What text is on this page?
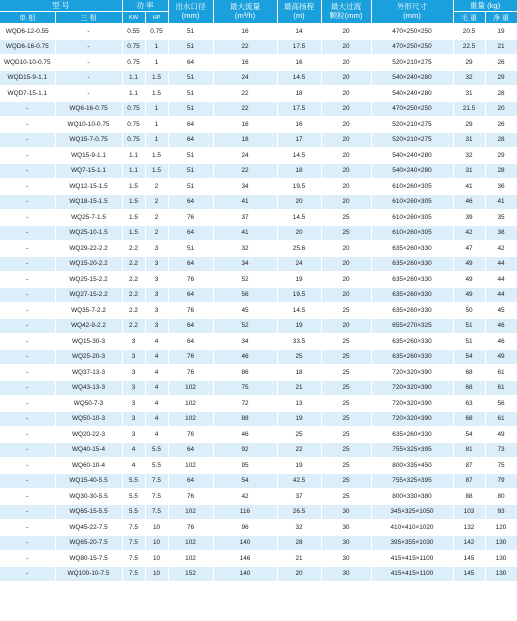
型 号		功 率		出水口径
(mm)	最大流量
(m³/h)	最高扬程
(m)	最大过流
颗粒(mm)	外形尺寸
(mm)	重量 (kg)	
单 相	三 相	KW	HP						毛 重	净 重
WQD6-12-0.55	-	0.55	0.75	51	16	14	20	470×250×250	20.5	19
WQD6-16-0.75	-	0.75	1	51	22	17.5	20	470×250×250	22.5	21
WQD10-10-0.75	-	0.75	1	64	16	16	20	520×210×275	29	26
WQD15-9-1.1	-	1.1	1.5	51	24	14.5	20	540×240×280	32	29
WQD7-15-1.1	-	1.1	1.5	51	22	18	20	540×240×280	31	28
-	WQ6-16-0.75	0.75	1	51	22	17.5	20	470×250×250	21.5	20
-	WQ10-10-0.75	0.75	1	64	16	16	20	520×210×275	29	26
-	WQ15-7-0.75	0.75	1	64	18	17	20	520×210×275	31	28
-	WQ15-9-1.1	1.1	1.5	51	24	14.5	20	540×240×280	32	29
-	WQ7-15-1.1	1.1	1.5	51	22	18	20	540×240×280	31	28
-	WQ12-15-1.5	1.5	2	51	34	19.5	20	610×260×305	41	36
-	WQ18-15-1.5	1.5	2	64	41	20	20	610×260×305	46	41
-	WQ25-7-1.5	1.5	2	76	37	14.5	25	610×260×305	39	35
-	WQ25-10-1.5	1.5	2	64	41	20	25	610×260×305	42	38
-	WQ29-22-2.2	2.2	3	51	32	25.6	20	635×260×330	47	42
-	WQ15-20-2.2	2.2	3	64	34	24	20	635×260×330	49	44
-	WQ25-15-2.2	2.2	3	76	52	19	20	635×260×330	49	44
-	WQ27-15-2.2	2.2	3	64	56	19.5	20	635×260×330	49	44
-	WQ35-7-2.2	2.2	3	76	45	14.5	25	635×260×330	50	45
-	WQ42-9-2.2	2.2	3	64	52	19	20	655×270×325	51	46
-	WQ15-30-3	3	4	64	34	33.5	25	635×260×330	51	46
-	WQ25-20-3	3	4	76	46	25	25	635×260×330	54	49
-	WQ37-13-3	3	4	76	86	18	25	720×320×390	68	61
-	WQ43-13-3	3	4	102	75	21	25	720×320×390	68	61
-	WQ50-7-3	3	4	102	72	13	25	720×320×390	63	56
-	WQ50-10-3	3	4	102	88	19	25	720×320×390	68	61
-	WQ20-22-3	3	4	76	46	25	25	635×260×330	54	49
-	WQ40-15-4	4	5.5	64	92	22	25	755×325×395	81	73
-	WQ60-10-4	4	5.5	102	95	19	25	800×335×450	87	75
-	WQ15-40-5.5	5.5	7.5	64	54	42.5	25	755×325×395	87	79
-	WQ30-30-5.5	5.5	7.5	76	42	37	25	800×330×380	88	80
-	WQ65-15-5.5	5.5	7.5	102	116	26.5	30	345×325×1050	103	93
-	WQ45-22-7.5	7.5	10	76	96	32	30	410×410×1020	132	120
-	WQ65-20-7.5	7.5	10	102	140	28	30	395×355×1030	142	130
-	WQ80-15-7.5	7.5	10	102	146	21	30	415×415×1100	145	130
-	WQ100-10-7.5	7.5	10	152	140	20	30	415×415×1100	145	130
